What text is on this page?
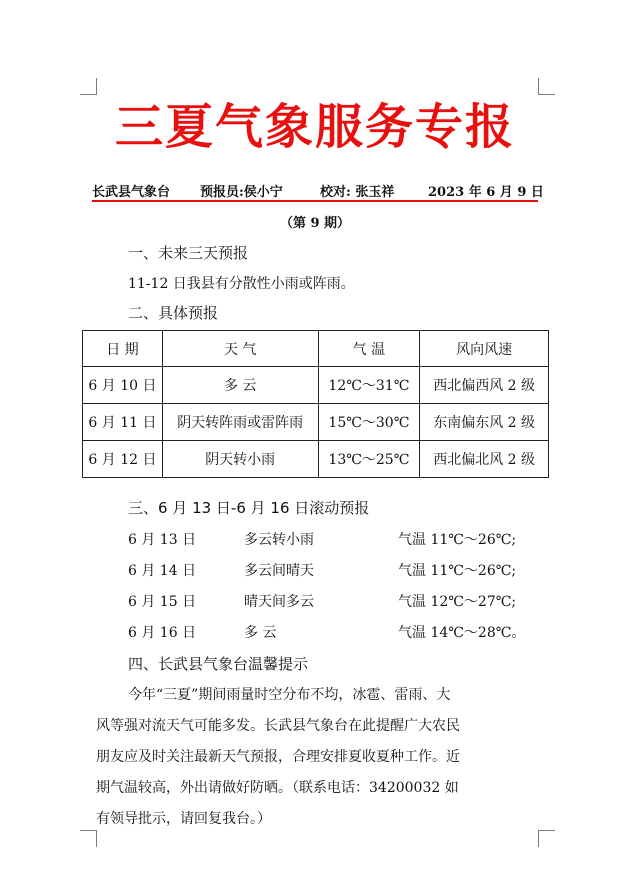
三夏气象服务专报
长武县气象台 预报员:侯小宁	校对: 张玉祥	2023 年 6 月 9 日
（第 9 期）
一、未来三天预报
11-12 日我县有分散性小雨或阵雨。
二、具体预报
日 期	天 气	气 温	风向风速
6 月 10 日	多 云	12℃～31℃	西北偏西风 2 级
6 月 11 日	阴天转阵雨或雷阵雨	15℃～30℃	东南偏东风 2 级
6 月 12 日	阴天转小雨	13℃～25℃	西北偏北风 2 级
三、6 月 13 日-6 月 16 日滚动预报
6 月 13 日	多云转小雨	气温 11℃～26℃;
6 月 14 日	多云间晴天	气温 11℃～26℃;
6 月 15 日	晴天间多云	气温 12℃～27℃;
6 月 16 日	多 云	气温 14℃～28℃。
四、长武县气象台温馨提示
今年“三夏”期间雨量时空分布不均，冰雹、雷雨、大
风等强对流天气可能多发。长武县气象台在此提醒广大农民
朋友应及时关注最新天气预报，合理安排夏收夏种工作。近
期气温较高，外出请做好防晒。（联系电话：34200032 如
有领导批示，请回复我台。）
